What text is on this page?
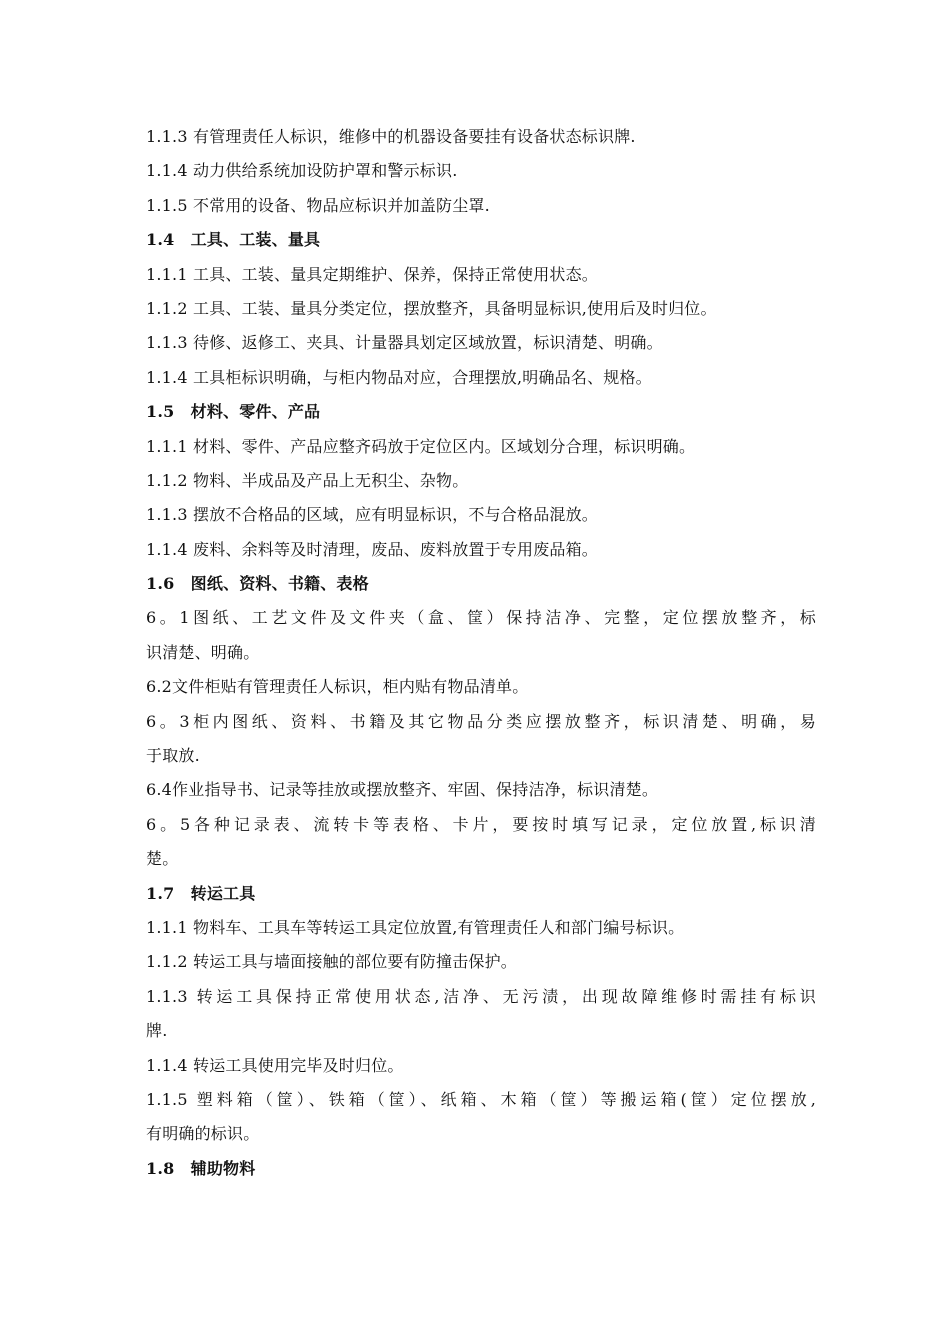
1.1.3 有管理责任人标识，维修中的机器设备要挂有设备状态标识牌.
1.1.4 动力供给系统加设防护罩和警示标识.
1.1.5 不常用的设备、物品应标识并加盖防尘罩.
1.4　工具、工装、量具
1.1.1 工具、工装、量具定期维护、保养，保持正常使用状态。
1.1.2 工具、工装、量具分类定位，摆放整齐，具备明显标识,使用后及时归位。
1.1.3 待修、返修工、夹具、计量器具划定区域放置，标识清楚、明确。
1.1.4 工具柜标识明确，与柜内物品对应，合理摆放,明确品名、规格。
1.5　材料、零件、产品
1.1.1 材料、零件、产品应整齐码放于定位区内。区域划分合理，标识明确。
1.1.2 物料、半成品及产品上无积尘、杂物。
1.1.3 摆放不合格品的区域，应有明显标识，不与合格品混放。
1.1.4 废料、余料等及时清理，废品、废料放置于专用废品箱。
1.6　图纸、资料、书籍、表格
6。1图纸、工艺文件及文件夹（盒、筐）保持洁净、完整，定位摆放整齐，标
识清楚、明确。
6.2文件柜贴有管理责任人标识，柜内贴有物品清单。
6。3柜内图纸、资料、书籍及其它物品分类应摆放整齐，标识清楚、明确，易
于取放.
6.4作业指导书、记录等挂放或摆放整齐、牢固、保持洁净，标识清楚。
6。5各种记录表、流转卡等表格、卡片，要按时填写记录，定位放置,标识清
楚。
1.7　转运工具
1.1.1 物料车、工具车等转运工具定位放置,有管理责任人和部门编号标识。
1.1.2 转运工具与墙面接触的部位要有防撞击保护。
1.1.3 转运工具保持正常使用状态,洁净、无污渍，出现故障维修时需挂有标识
牌.
1.1.4 转运工具使用完毕及时归位。
1.1.5 塑料箱（筐）、铁箱（筐）、纸箱、木箱（筐）等搬运箱(筐）定位摆放,
有明确的标识。
1.8　辅助物料
